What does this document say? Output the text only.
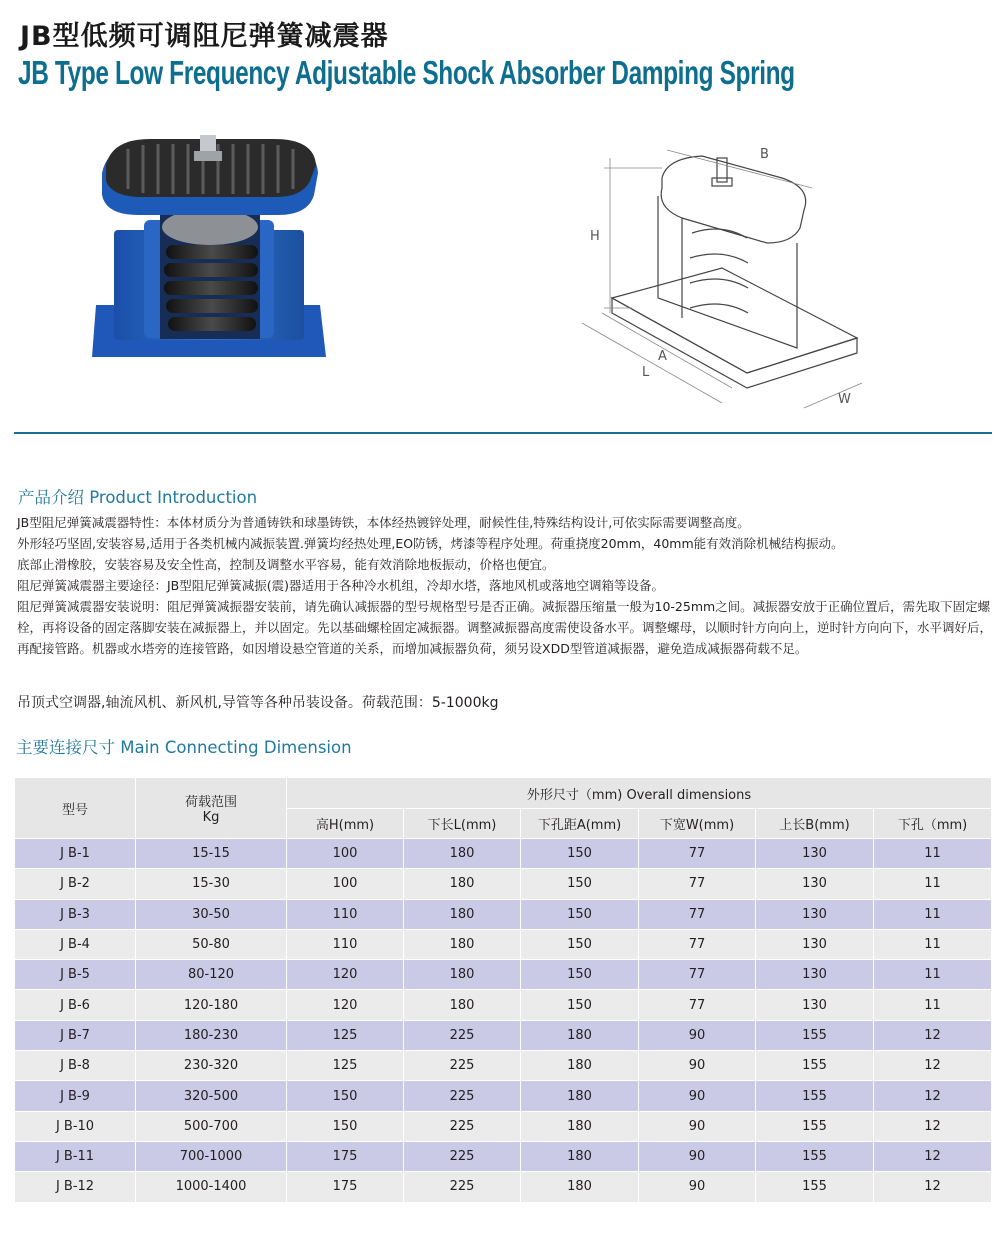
JB型低频可调阻尼弹簧减震器
JB Type Low Frequency Adjustable Shock Absorber Damping Spring
H
B
A
L
W
产品介绍 Product Introduction

JB型阻尼弹簧减震器特性：本体材质分为普通铸铁和球墨铸铁，本体经热镀锌处理，耐候性佳,特殊结构设计,可依实际需要调整高度。

外形轻巧坚固,安装容易,适用于各类机械内减振装置.弹簧均经热处理,EO防锈，烤漆等程序处理。荷重挠度20mm，40mm能有效消除机械结构振动。

底部止滑橡胶，安装容易及安全性高，控制及调整水平容易，能有效消除地板振动，价格也便宜。

阻尼弹簧减震器主要途径：JB型阻尼弹簧减振(震)器适用于各种冷水机组，冷却水塔，落地风机或落地空调箱等设备。

阻尼弹簧减震器安装说明：阻尼弹簧减振器安装前，请先确认减振器的型号规格型号是否正确。减振器压缩量一般为10-25mm之间。减振器安放于正确位置后，需先取下固定螺栓，再将设备的固定落脚安装在减振器上，并以固定。先以基础螺栓固定减振器。调整减振器高度需使设备水平。调整螺母，以顺时针方向向上，逆时针方向向下，水平调好后，再配接管路。机器或水塔旁的连接管路，如因增设悬空管道的关系，而增加减振器负荷，须另设XDD型管道减振器，避免造成减振器荷载不足。

吊顶式空调器,轴流风机、新风机,导管等各种吊装设备。荷载范围：5-1000kg
主要连接尺寸 Main Connecting Dimension
型号	荷载范围
Kg	外形尺寸（mm) Overall dimensions					
		高H(mm)	下长L(mm)	下孔距A(mm)	下宽W(mm)	上长B(mm)	下孔（mm)
J B-1	15-15	100	180	150	77	130	11
J B-2	15-30	100	180	150	77	130	11
J B-3	30-50	110	180	150	77	130	11
J B-4	50-80	110	180	150	77	130	11
J B-5	80-120	120	180	150	77	130	11
J B-6	120-180	120	180	150	77	130	11
J B-7	180-230	125	225	180	90	155	12
J B-8	230-320	125	225	180	90	155	12
J B-9	320-500	150	225	180	90	155	12
J B-10	500-700	150	225	180	90	155	12
J B-11	700-1000	175	225	180	90	155	12
J B-12	1000-1400	175	225	180	90	155	12
